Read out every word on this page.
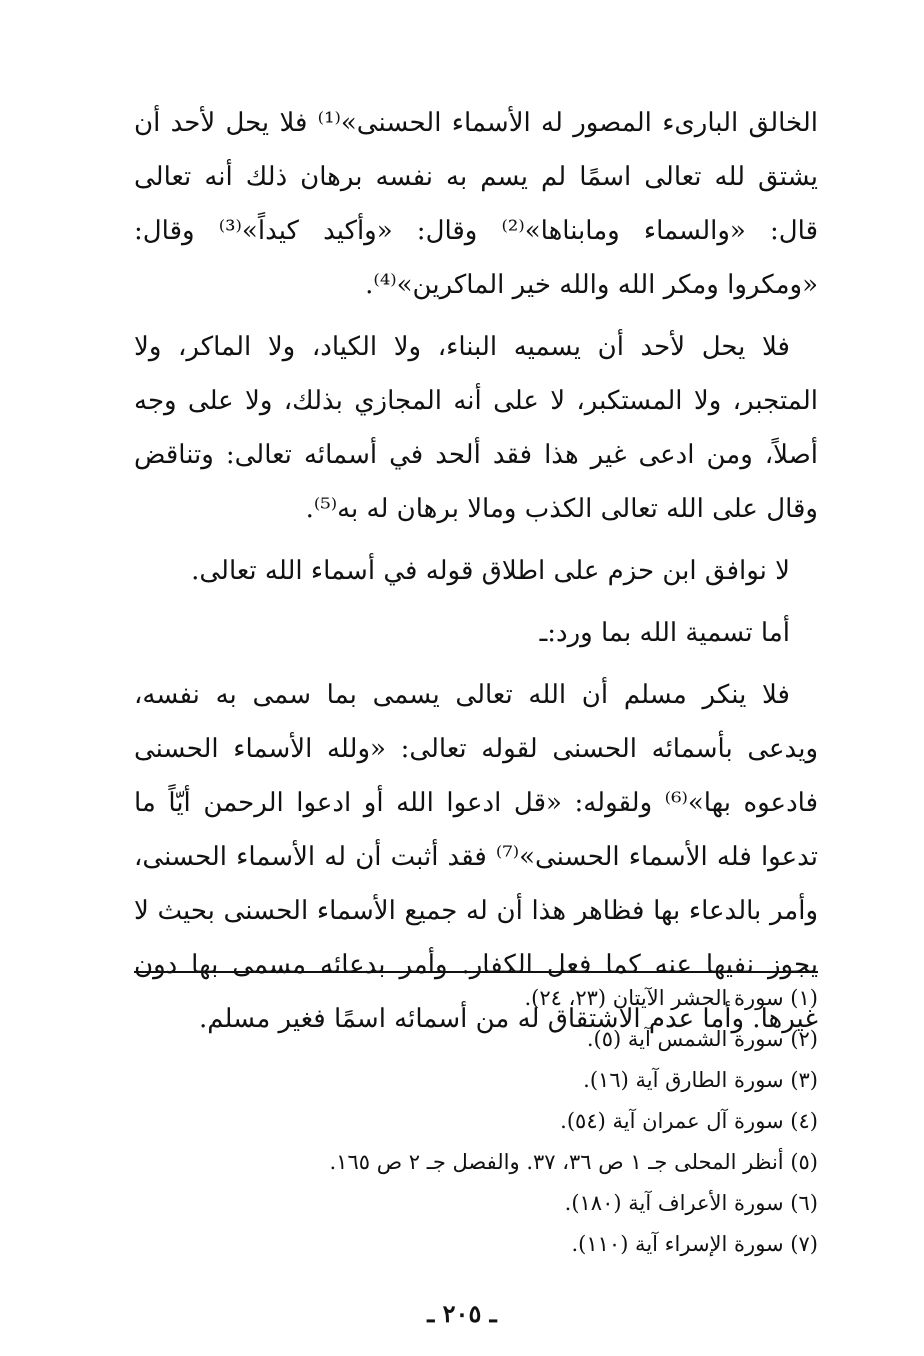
الخالق البارىء المصور له الأسماء الحسنى»⁽¹⁾ فلا يحل لأحد أن يشتق لله تعالى اسمًا لم يسم به نفسه برهان ذلك أنه تعالى قال: «والسماء ومابناها»⁽²⁾ وقال: «وأكيد كيداً»⁽³⁾ وقال: «ومكروا ومكر الله والله خير الماكرين»⁽⁴⁾.

فلا يحل لأحد أن يسميه البناء، ولا الكياد، ولا الماكر، ولا المتجبر، ولا المستكبر، لا على أنه المجازي بذلك، ولا على وجه أصلاً، ومن ادعى غير هذا فقد ألحد في أسمائه تعالى: وتناقض وقال على الله تعالى الكذب ومالا برهان له به⁽⁵⁾.

لا نوافق ابن حزم على اطلاق قوله في أسماء الله تعالى.

أما تسمية الله بما ورد:ـ

فلا ينكر مسلم أن الله تعالى يسمى بما سمى به نفسه، ويدعى بأسمائه الحسنى لقوله تعالى: «ولله الأسماء الحسنى فادعوه بها»⁽⁶⁾ ولقوله: «قل ادعوا الله أو ادعوا الرحمن أيّاً ما تدعوا فله الأسماء الحسنى»⁽⁷⁾ فقد أثبت أن له الأسماء الحسنى، وأمر بالدعاء بها فظاهر هذا أن له جميع الأسماء الحسنى بحيث لا يجوز نفيها عنه كما فعل الكفار. وأمر بدعائه مسمى بها دون غيرها. وأما عدم الاشتقاق له من أسمائه اسمًا فغير مسلم.

(١) سورة الحشر الآيتان (٢٣، ٢٤).
(٢) سورة الشمس آية (٥).
(٣) سورة الطارق آية (١٦).
(٤) سورة آل عمران آية (٥٤).
(٥) أنظر المحلى جـ ١ ص ٣٦، ٣٧. والفصل جـ ٢ ص ١٦٥.
(٦) سورة الأعراف آية (١٨٠).
(٧) سورة الإسراء آية (١١٠).
ـ ٢٠٥ ـ
